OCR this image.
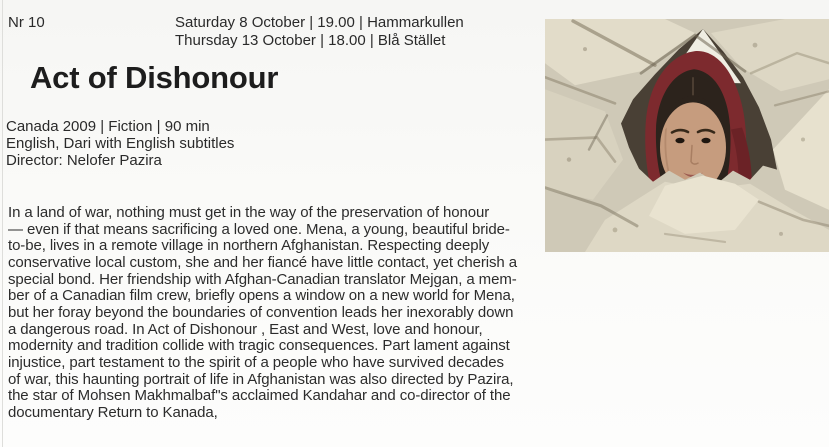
Nr 10	Saturday 8 October | 19.00 | Hammarkullen
Thursday 13 October | 18.00 | Blå Stället
Act of Dishonour
Canada 2009 | Fiction | 90 min
English, Dari with English subtitles
Director: Nelofer Pazira
In a land of war, nothing must get in the way of the preservation of honour
— even if that means sacrificing a loved one. Mena, a young, beautiful bride-
to-be, lives in a remote village in northern Afghanistan. Respecting deeply
conservative local custom, she and her fiancé have little contact, yet cherish a
special bond. Her friendship with Afghan-Canadian translator Mejgan, a mem-
ber of a Canadian film crew, briefly opens a window on a new world for Mena,
but her foray beyond the boundaries of convention leads her inexorably down
a dangerous road. In Act of Dishonour , East and West, love and honour,
modernity and tradition collide with tragic consequences. Part lament against
injustice, part testament to the spirit of a people who have survived decades
of war, this haunting portrait of life in Afghanistan was also directed by Pazira,
the star of Mohsen Makhmalbaf"s acclaimed Kandahar and co-director of the
documentary Return to Kanada,
